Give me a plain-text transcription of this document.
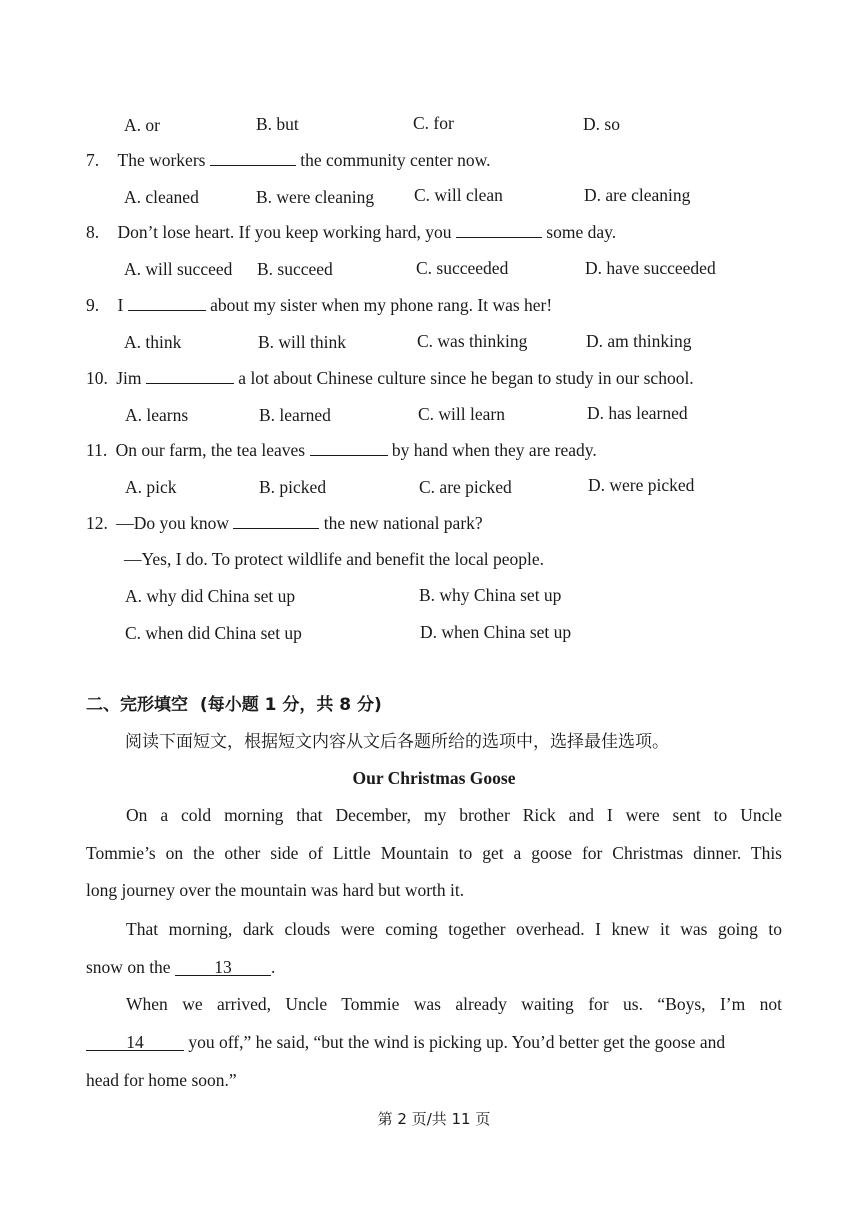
A. or	B. but	C. for	D. so
7. The workers	the community center now.
A. cleaned	B. were cleaning C. will clean	D. are cleaning
8. Don’t lose heart. If you keep working hard, you	some day.
A. will succeed B. succeed	C. succeeded	D. have succeeded
9. I	about my sister when my phone rang. It was her!
A. think	B. will think	C. was thinking	D. am thinking
10. Jim	a lot about Chinese culture since he began to study in our school.
A. learns	B. learned	C. will learn	D. has learned
11. On our farm, the tea leaves	by hand when they are ready.
A. pick	B. picked	C. are picked	D. were picked
12. —Do you know	the new national park?
—Yes, I do. To protect wildlife and benefit the local people.
A. why did China set up	B. why China set up
C. when did China set up	D. when China set up
二、完形填空 (每小题 1 分，共 8 分)
阅读下面短文，根据短文内容从文后各题所给的选项中，选择最佳选项。
Our Christmas Goose
On a cold morning that December, my brother Rick and I were sent to Uncle
Tommie’s on the other side of Little Mountain to get a goose for Christmas dinner. This
long journey over the mountain was hard but worth it.
That morning, dark clouds were coming together overhead. I knew it was going to
snow on the 13 .
When we arrived, Uncle Tommie was already waiting for us. “Boys, I’m not
14	you off,” he said, “but the wind is picking up. You’d better get the goose and
head for home soon.”
第 2 页/共 11 页
